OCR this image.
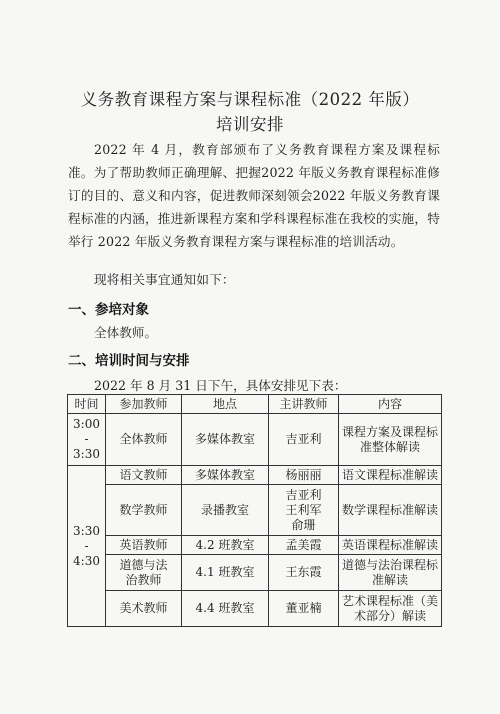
义务教育课程方案与课程标准（2022 年版）
培训安排
2022 年 4 月，教育部颁布了义务教育课程方案及课程标准。为了帮助教师正确理解、把握2022 年版义务教育课程标准修订的目的、意义和内容，促进教师深刻领会2022 年版义务教育课程标准的内涵，推进新课程方案和学科课程标准在我校的实施，特举行 2022 年版义务教育课程方案与课程标准的培训活动。
现将相关事宜通知如下：
一、参培对象
全体教师。
二、培训时间与安排
2022 年 8 月 31 日下午，具体安排见下表：
时间	参加教师	地点	主讲教师	内容

3:00
-
3:30	全体教师	多媒体教室	吉亚利	课程方案及课程标准整体解读

3:30
-
4:30	语文教师	多媒体教室	杨丽丽	语文课程标准解读
	数学教师	录播教室	吉亚利 王利军 俞珊	数学课程标准解读
	英语教师	4.2 班教室	孟美霞	英语课程标准解读
	道德与法治教师	4.1 班教室	王东霞	道德与法治课程标准解读
	美术教师	4.4 班教室	董亚楠	艺术课程标准（美术部分）解读
